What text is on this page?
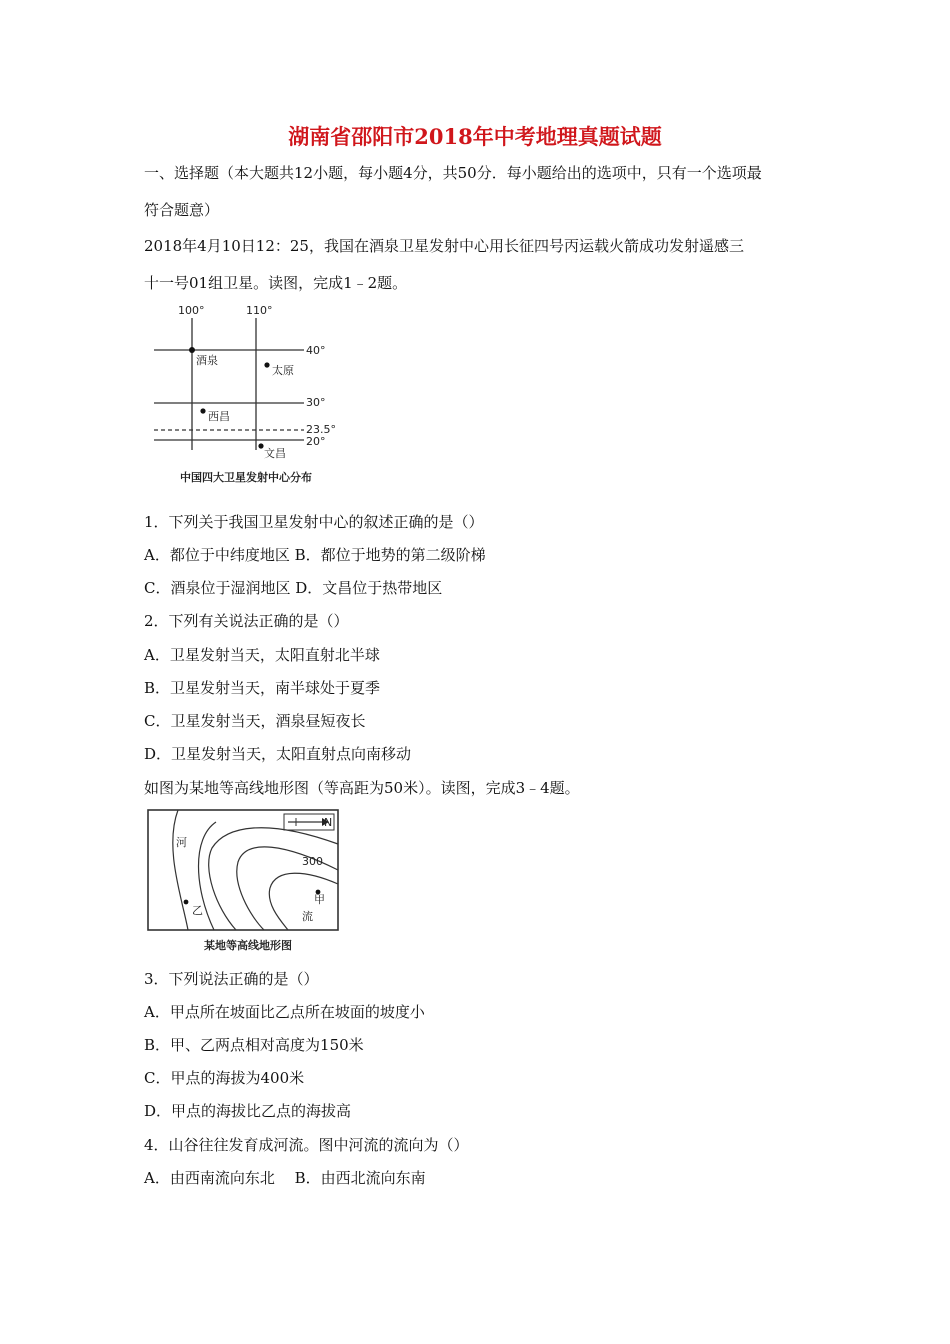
湖南省邵阳市2018年中考地理真题试题
一、选择题（本大题共12小题，每小题4分，共50分．每小题给出的选项中，只有一个选项最
符合题意）
2018年4月10日12：25，我国在酒泉卫星发射中心用长征四号丙运载火箭成功发射遥感三
十一号01组卫星。读图，完成1﹣2题。
100°	110°
40°
30°
23.5°
20°
酒泉
太原
西昌
文昌
中国四大卫星发射中心分布
1．下列关于我国卫星发射中心的叙述正确的是（）
A．都位于中纬度地区 B．都位于地势的第二级阶梯
C．酒泉位于湿润地区 D．文昌位于热带地区
2．下列有关说法正确的是（）
A．卫星发射当天，太阳直射北半球
B．卫星发射当天，南半球处于夏季
C．卫星发射当天，酒泉昼短夜长
D．卫星发射当天，太阳直射点向南移动
如图为某地等高线地形图（等高距为50米）。读图，完成3﹣4题。
N
河
300
甲
乙	流
某地等高线地形图
3．下列说法正确的是（）
A．甲点所在坡面比乙点所在坡面的坡度小
B．甲、乙两点相对高度为150米
C．甲点的海拔为400米
D．甲点的海拔比乙点的海拔高
4．山谷往往发育成河流。图中河流的流向为（）
A．由西南流向东北　 B．由西北流向东南
